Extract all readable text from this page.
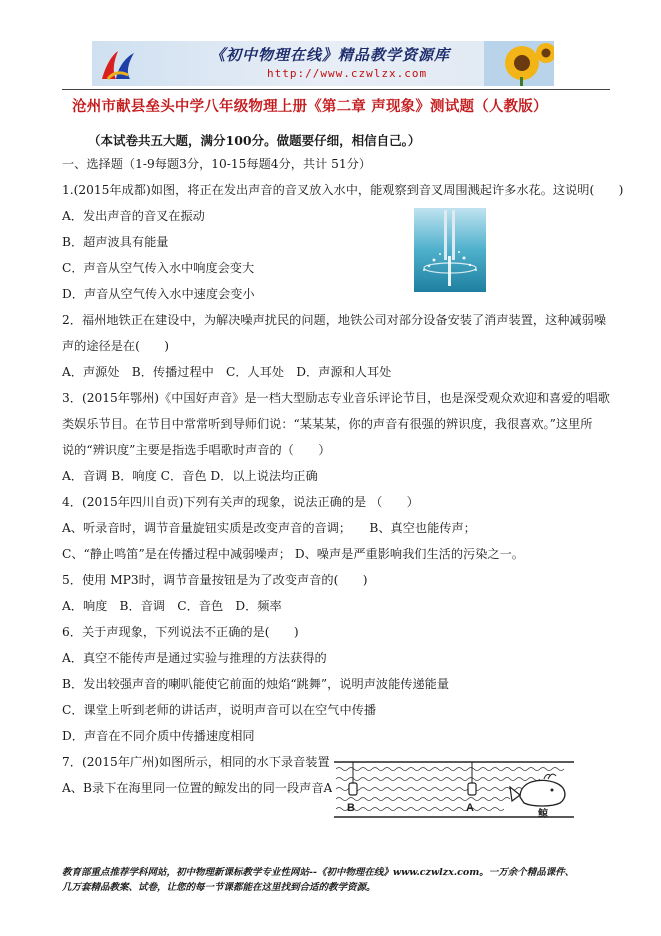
《初中物理在线》精品教学资源库
http://www.czwlzx.com
沧州市献县垒头中学八年级物理上册《第二章 声现象》测试题（人教版）
（本试卷共五大题，满分100分。做题要仔细，相信自己。）
一、选择题（1-9每题3分，10-15每题4分，共计 51分）
1.(2015年成都)如图，将正在发出声音的音叉放入水中，能观察到音叉周围溅起许多水花。这说明(　　)
A．发出声音的音叉在振动
B．超声波具有能量
C．声音从空气传入水中响度会变大
D．声音从空气传入水中速度会变小
2．福州地铁正在建设中，为解决噪声扰民的问题，地铁公司对部分设备安装了消声装置，这种减弱噪
声的途径是在(　　)
A．声源处　B．传播过程中　C．人耳处　D．声源和人耳处
3．(2015年鄂州)《中国好声音》是一档大型励志专业音乐评论节目，也是深受观众欢迎和喜爱的唱歌
类娱乐节目。在节目中常常听到导师们说：“某某某，你的声音有很强的辨识度，我很喜欢。”这里所
说的“辨识度”主要是指选手唱歌时声音的（　　）
A．音调 B．响度 C．音色 D．以上说法均正确
4．(2015年四川自贡)下列有关声的现象，说法正确的是 （　　）
A、听录音时，调节音量旋钮实质是改变声音的音调；　　B、真空也能传声；
C、“静止鸣笛”是在传播过程中减弱噪声； D、噪声是严重影响我们生活的污染之一。
5．使用 MP3时，调节音量按钮是为了改变声音的(　　)
A．响度　B．音调　C．音色　D．频率
6．关于声现象，下列说法不正确的是(　　)
A．真空不能传声是通过实验与推理的方法获得的
B．发出较强声音的喇叭能使它前面的烛焰“跳舞”，说明声波能传递能量
C．课堂上听到老师的讲话声，说明声音可以在空气中传播
D．声音在不同介质中传播速度相同
7．(2015年广州)如图所示，相同的水下录音装置
A、B录下在海里同一位置的鲸发出的同一段声音A
B	A
鲸
教育部重点推荐学科网站，初中物理新课标教学专业性网站--《初中物理在线》www.czwlzx.com。一万余个精品课件、
几万套精品教案、试卷，让您的每一节课都能在这里找到合适的教学资源。
